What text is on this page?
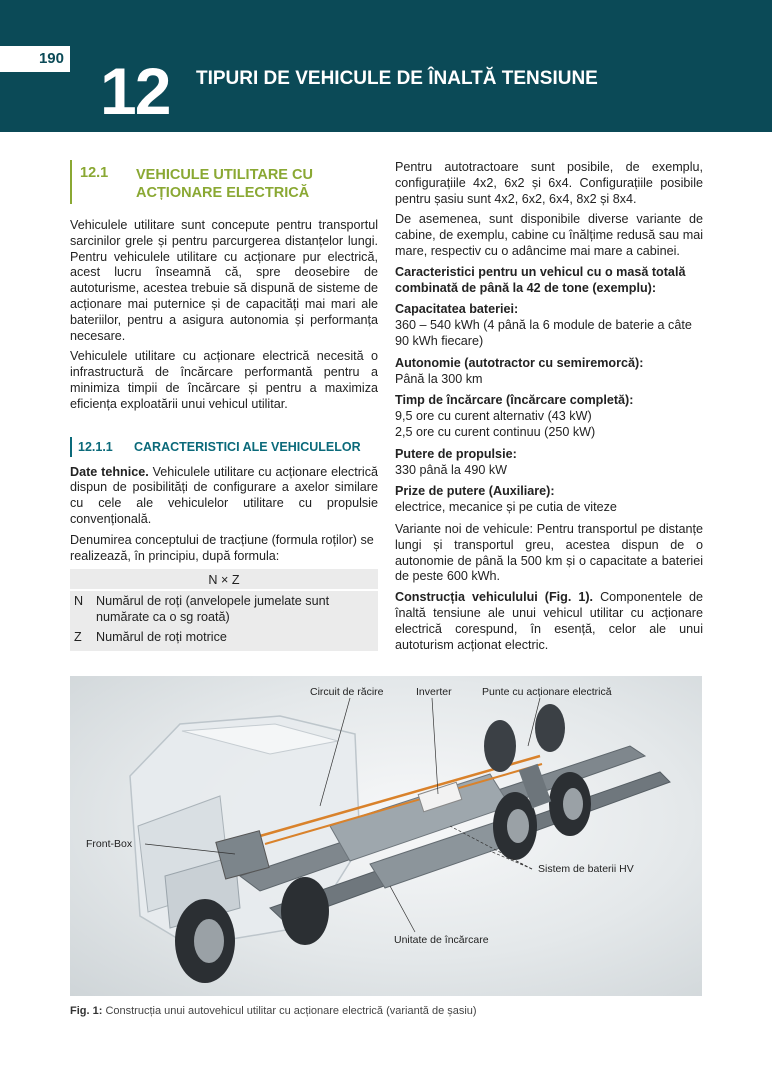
190 12 TIPURI DE VEHICULE DE ÎNALTĂ TENSIUNE
12.1 VEHICULE UTILITARE CU ACȚIONARE ELECTRICĂ

Vehiculele utilitare sunt concepute pentru transportul sarcinilor grele și pentru parcurgerea distanțelor lungi. Pentru vehiculele utilitare cu acționare pur electrică, acest lucru înseamnă că, spre deosebire de autoturisme, acestea trebuie să dispună de sisteme de acționare mai puternice și de capacități mai mari ale bateriilor, pentru a asigura autonomia și performanța necesare.

Vehiculele utilitare cu acționare electrică necesită o infrastructură de încărcare performantă pentru a minimiza timpii de încărcare și pentru a maximiza eficiența exploatării unui vehicul utilitar.

12.1.1 CARACTERISTICI ALE VEHICULELOR

Date tehnice. Vehiculele utilitare cu acționare electrică dispun de posibilități de configurare a axelor similare cu cele ale vehiculelor utilitare cu propulsie convențională.

Denumirea conceptului de tracțiune (formula roților) se realizează, în principiu, după formula:

N × Z
N	Numărul de roți (anvelopele jumelate sunt numărate ca o sg roată)
Z	Numărul de roți motrice

Pentru autotractoare sunt posibile, de exemplu, configurațiile 4x2, 6x2 și 6x4. Configurațiile posibile pentru șasiu sunt 4x2, 6x2, 6x4, 8x2 și 8x4.

De asemenea, sunt disponibile diverse variante de cabine, de exemplu, cabine cu înălțime redusă sau mai mare, respectiv cu o adâncime mai mare a cabinei.

Caracteristici pentru un vehicul cu o masă totală combinată de până la 42 de tone (exemplu):

Capacitatea bateriei:
360 – 540 kWh (4 până la 6 module de baterie a câte 90 kWh fiecare)
Autonomie (autotractor cu semiremorcă):
Până la 300 km
Timp de încărcare (încărcare completă):
9,5 ore cu curent alternativ (43 kW)
2,5 ore cu curent continuu (250 kW)
Putere de propulsie:
330 până la 490 kW
Prize de putere (Auxiliare):
electrice, mecanice și pe cutia de viteze

Variante noi de vehicule: Pentru transportul pe distanțe lungi și transportul greu, acestea dispun de o autonomie de până la 500 km și o capacitate a bateriei de peste 600 kWh.

Construcția vehiculului (Fig. 1). Componentele de înaltă tensiune ale unui vehicul utilitar cu acționare electrică corespund, în esență, celor ale unui autoturism acționat electric.

Circuit de răcire	Inverter	Punte cu acționare electrică
Front-Box
Sistem de baterii HV
Unitate de încărcare
Fig. 1: Construcția unui autovehicul utilitar cu acționare electrică (variantă de șasiu)
